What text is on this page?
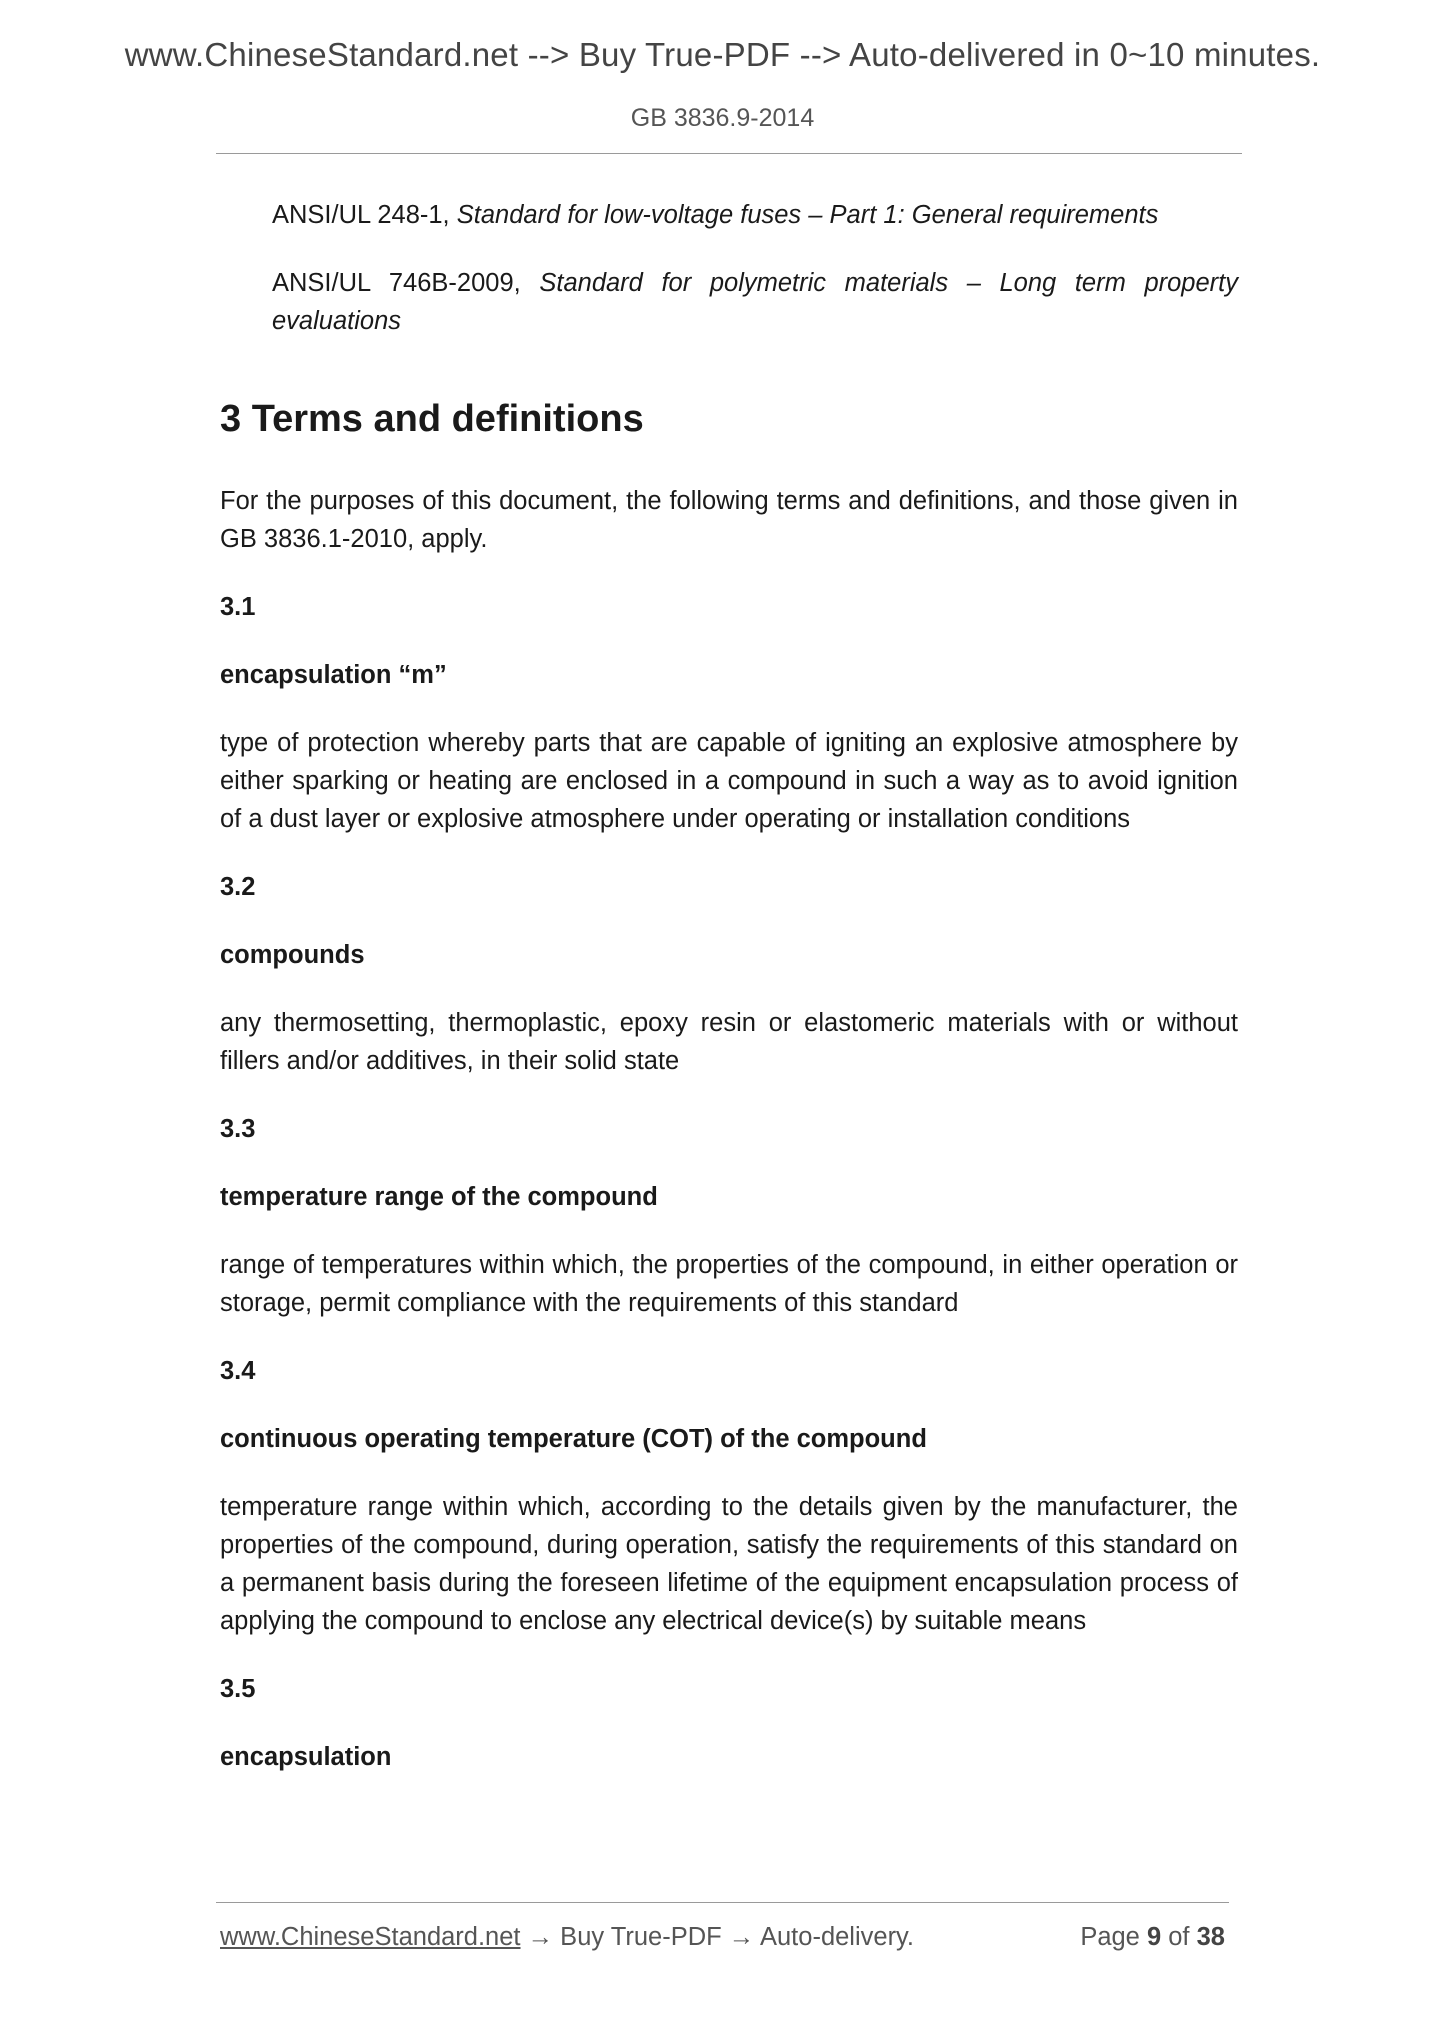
www.ChineseStandard.net --> Buy True-PDF --> Auto-delivered in 0~10 minutes.
GB 3836.9-2014
ANSI/UL 248-1, Standard for low-voltage fuses – Part 1: General requirements
ANSI/UL 746B-2009, Standard for polymetric materials – Long term property evaluations
3 Terms and definitions
For the purposes of this document, the following terms and definitions, and those given in GB 3836.1-2010, apply.
3.1
encapsulation “m”
type of protection whereby parts that are capable of igniting an explosive atmosphere by either sparking or heating are enclosed in a compound in such a way as to avoid ignition of a dust layer or explosive atmosphere under operating or installation conditions
3.2
compounds
any thermosetting, thermoplastic, epoxy resin or elastomeric materials with or without fillers and/or additives, in their solid state
3.3
temperature range of the compound
range of temperatures within which, the properties of the compound, in either operation or storage, permit compliance with the requirements of this standard
3.4
continuous operating temperature (COT) of the compound
temperature range within which, according to the details given by the manufacturer, the properties of the compound, during operation, satisfy the requirements of this standard on a permanent basis during the foreseen lifetime of the equipment encapsulation process of applying the compound to enclose any electrical device(s) by suitable means
3.5
encapsulation
www.ChineseStandard.net → Buy True-PDF → Auto-delivery.	Page 9 of 38
